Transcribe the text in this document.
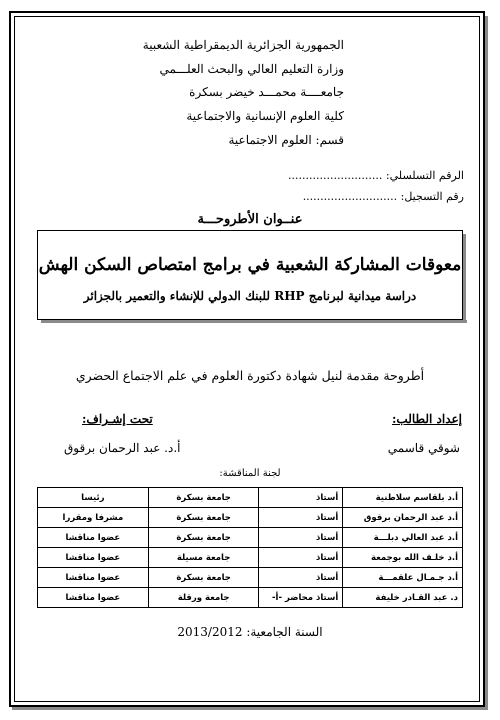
الجمهورية الجزائرية الديمقراطية الشعبية
وزارة التعليم العالي والبحث العلـــمي
جامعــــة محمـــد خيضر بسكرة
كلية العلوم الإنسانية والاجتماعية
قسم: العلوم الاجتماعية
الرقم التسلسلي: ...........................
رقم التسجيل: ...........................
عنــوان الأطروحـــة
معوقات المشاركة الشعبية في برامج امتصاص السكن الهش
دراسة ميدانية لبرنامج RHP للبنك الدولي للإنشاء والتعمير بالجزائر
أطروحة مقدمة لنيل شهادة دكتورة العلوم في علم الاجتماع الحضري
إعداد الطالب:
تحت إشـراف:
شوقي قاسمي
أ.د. عبد الرحمان برقوق
لجنة المناقشة:
أ.د بلقاسم سلاطنية	أستاذ	جامعة بسكرة	رئيسا
أ.د عبد الرحمان برقوق	أستاذ	جامعة بسكرة	مشرفا ومقررا
أ.د عبد العالي دبلـــة	أستاذ	جامعة بسكرة	عضوا مناقشا
أ.د خلـف الله بوجمعة	أستاذ	جامعة مسيلة	عضوا مناقشا
أ.د جـمـال علقمـــة	أستاذ	جامعة بسكرة	عضوا مناقشا
د. عبد القـادر خليفة	أستاذ محاضر -أ-	جامعة ورقلة	عضوا مناقشا
السنة الجامعية: 2013/2012
